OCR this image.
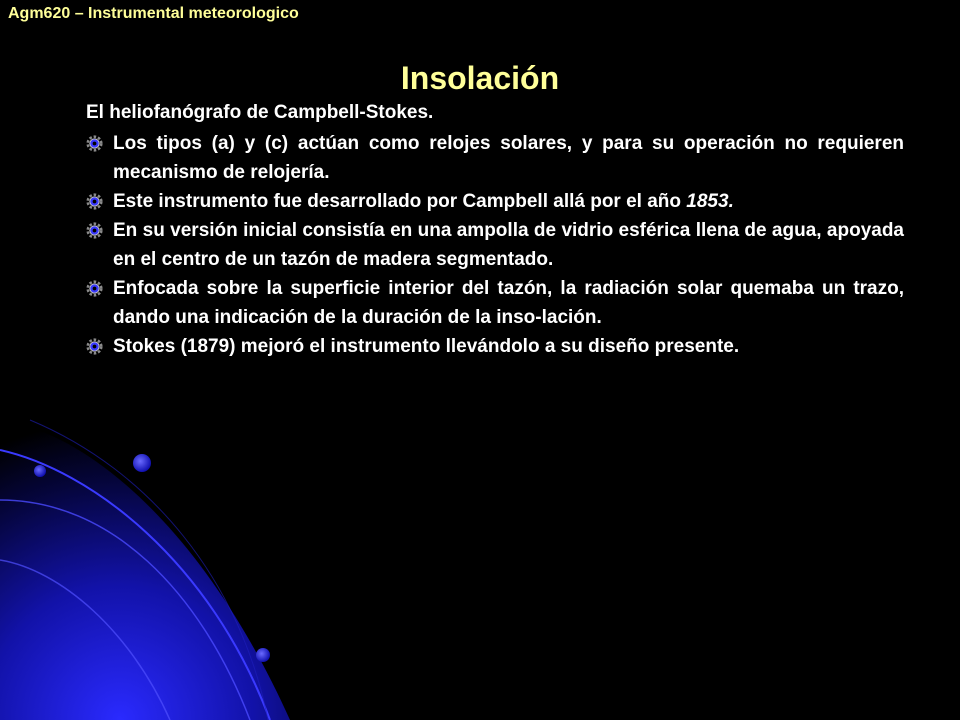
Agm620 – Instrumental meteorologico
Insolación
El heliofanógrafo de Campbell-Stokes.
Los tipos (a) y (c) actúan como relojes solares, y para su operación no requieren mecanismo de relojería.
Este instrumento fue desarrollado por Campbell allá por el año 1853.
En su versión inicial consistía en una ampolla de vidrio esférica llena de agua, apoyada en el centro de un tazón de madera segmentado.
Enfocada sobre la superficie interior del tazón, la radiación solar quemaba un trazo, dando una indicación de la duración de la inso-lación.
Stokes (1879) mejoró el instrumento llevándolo a su diseño presente.
